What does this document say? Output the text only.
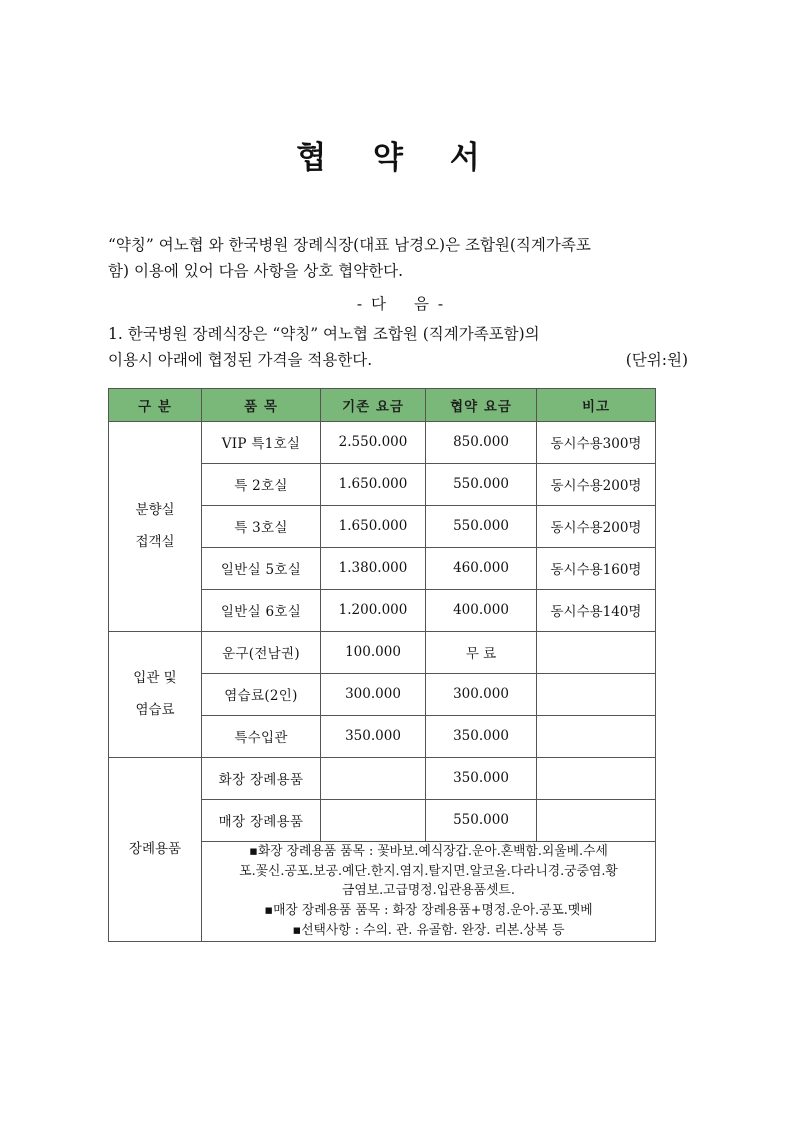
협 약 서

“약칭” 여노협 와 한국병원 장례식장(대표 남경오)은 조합원(직계가족포

함) 이용에 있어 다음 사항을 상호 협약한다.

- 다 음 -

1. 한국병원 장례식장은 “약칭” 여노협 조합원 (직계가족포함)의

이용시 아래에 협정된 가격을 적용한다.	(단위:원)

구 분	품 목	기존 요금	협약 요금	비고
분향실
접객실	VIP 특1호실	2.550.000	850.000	동시수용300명
	특 2호실	1.650.000	550.000	동시수용200명
	특 3호실	1.650.000	550.000	동시수용200명
	일반실 5호실	1.380.000	460.000	동시수용160명
	일반실 6호실	1.200.000	400.000	동시수용140명
입관 및
염습료	운구(전남권)	100.000	무 료	
	염습료(2인)	300.000	300.000	
	특수입관	350.000	350.000	
장례용품	화장 장례용품		350.000	
	매장 장례용품		550.000	

	▪화장 장례용품 품목 : 꽃바보.예식장갑.운아.혼백함.외울베.수세
포.꽃신.공포.보공.예단.한지.염지.탈지면.알코올.다라니경.궁중염.황
금염보.고급명정.입관용품셋트.
▪매장 장례용품 품목 : 화장 장례용품+명정.운아.공포.몟베
▪선택사항 : 수의. 관. 유골함. 완장. 리본.상복 등			
